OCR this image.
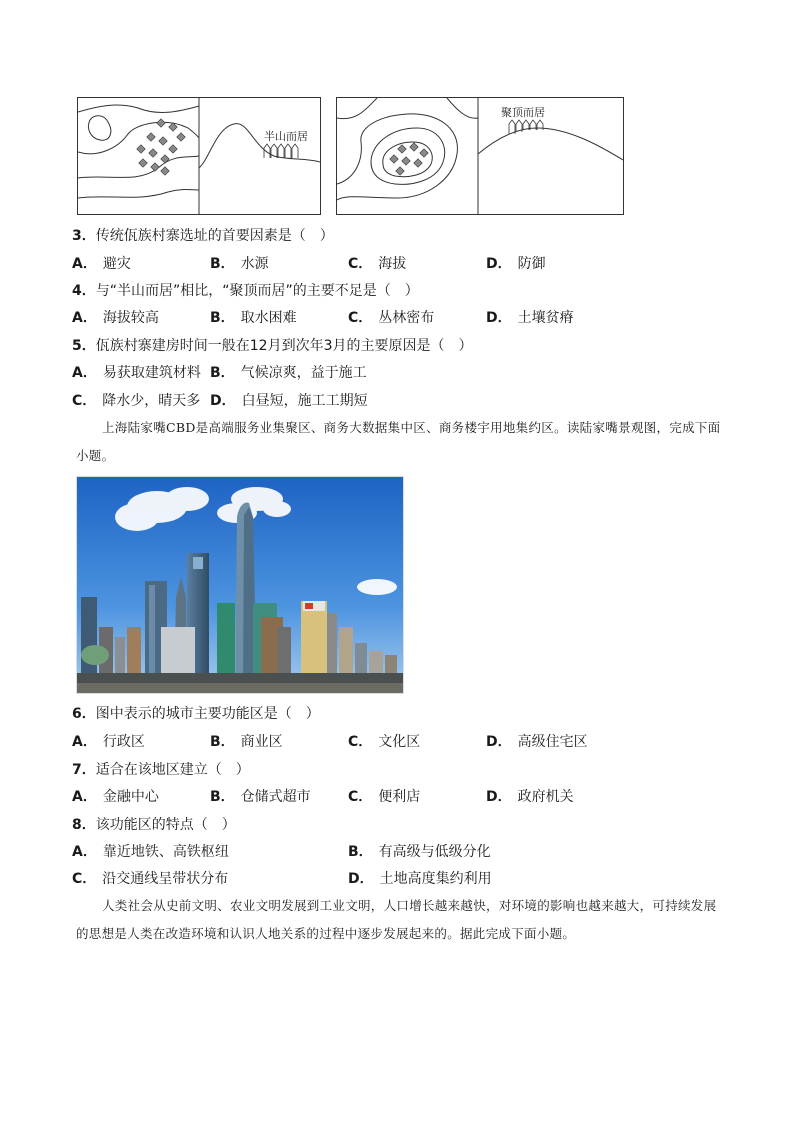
半山而居
聚顶而居
3．传统佤族村寨选址的首要因素是（　）
A． 避灾	B． 水源	C． 海拔	D． 防御
4．与“半山而居”相比，“聚顶而居”的主要不足是（　）
A． 海拔较高	B． 取水困难	C． 丛林密布	D． 土壤贫瘠
5．佤族村寨建房时间一般在12月到次年3月的主要原因是（　）
A． 易获取建筑材料 B． 气候凉爽，益于施工
C． 降水少，晴天多 D． 白昼短，施工工期短
上海陆家嘴CBD是高端服务业集聚区、商务大数据集中区、商务楼宇用地集约区。读陆家嘴景观图，完成下面小题。
6．图中表示的城市主要功能区是（　）
A． 行政区	B． 商业区	C． 文化区	D． 高级住宅区
7．适合在该地区建立（　）
A． 金融中心	B． 仓储式超市	C． 便利店	D． 政府机关
8．该功能区的特点（　）
A． 靠近地铁、高铁枢纽	B． 有高级与低级分化
C． 沿交通线呈带状分布	D． 土地高度集约利用
人类社会从史前文明、农业文明发展到工业文明，人口增长越来越快，对环境的影响也越来越大，可持续发展的思想是人类在改造环境和认识人地关系的过程中逐步发展起来的。据此完成下面小题。
